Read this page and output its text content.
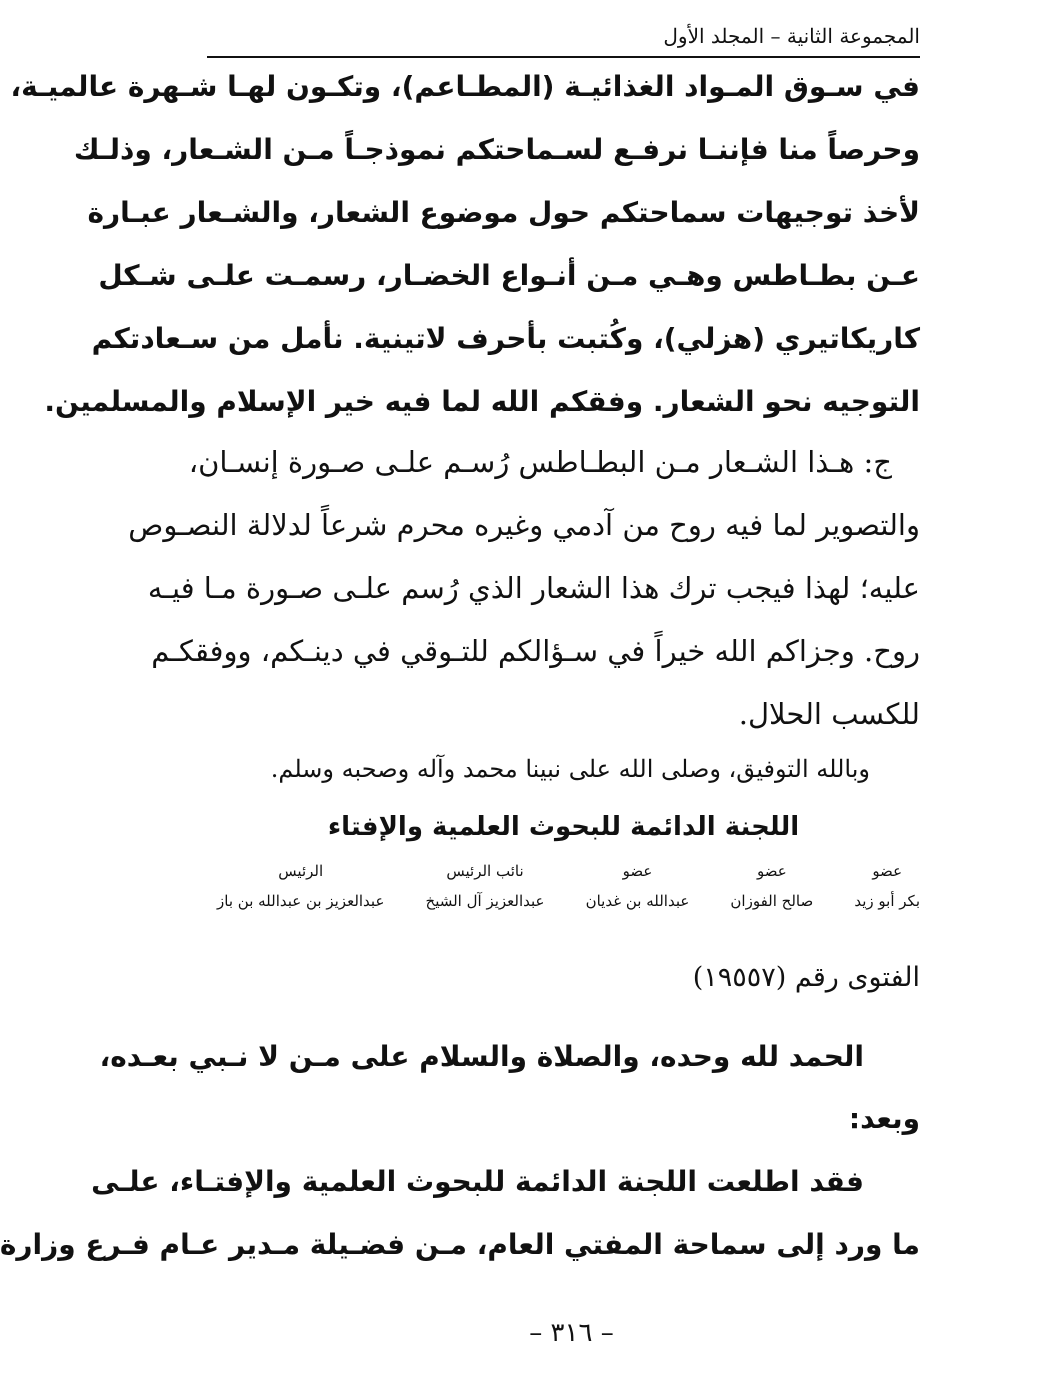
المجموعة الثانية – المجلد الأول
في سـوق المـواد الغذائيـة (المطـاعم)، وتكـون لهـا شـهرة عالميـة،
وحرصاً منا فإننـا نرفـع لسـماحتكم نموذجـاً مـن الشـعار، وذلـك
لأخذ توجيهات سماحتكم حول موضوع الشعار، والشـعار عبـارة
عـن بطـاطس وهـي مـن أنـواع الخضـار، رسمـت علـى شـكل
كاريكاتيري (هزلي)، وكُتبت بأحرف لاتينية. نأمل من سـعادتكم
التوجيه نحو الشعار. وفقكم الله لما فيه خير الإسلام والمسلمين.
ج: هـذا الشـعار مـن البطـاطس رُسـم علـى صـورة إنسـان،
والتصوير لما فيه روح من آدمي وغيره محرم شرعاً لدلالة النصـوص
عليه؛ لهذا فيجب ترك هذا الشعار الذي رُسم علـى صـورة مـا فيـه
روح. وجزاكم الله خيراً في سـؤالكم للتـوقي في دينـكم، ووفقكـم
للكسب الحلال.
وبالله التوفيق، وصلى الله على نبينا محمد وآله وصحبه وسلم.
اللجنة الدائمة للبحوث العلمية والإفتاء
عضو
بكر أبو زيد
عضو
صالح الفوزان
عضو
عبدالله بن غديان
نائب الرئيس
عبدالعزيز آل الشيخ
الرئيس
عبدالعزيز بن عبدالله بن باز
الفتوى رقم (١٩٥٥٧)
الحمد لله وحده، والصلاة والسلام على مـن لا نـبي بعـده،
وبعد:
فقد اطلعت اللجنة الدائمة للبحوث العلمية والإفتـاء، علـى
ما ورد إلى سماحة المفتي العام، مـن فضـيلة مـدير عـام فـرع وزارة
– ٣١٦ –
